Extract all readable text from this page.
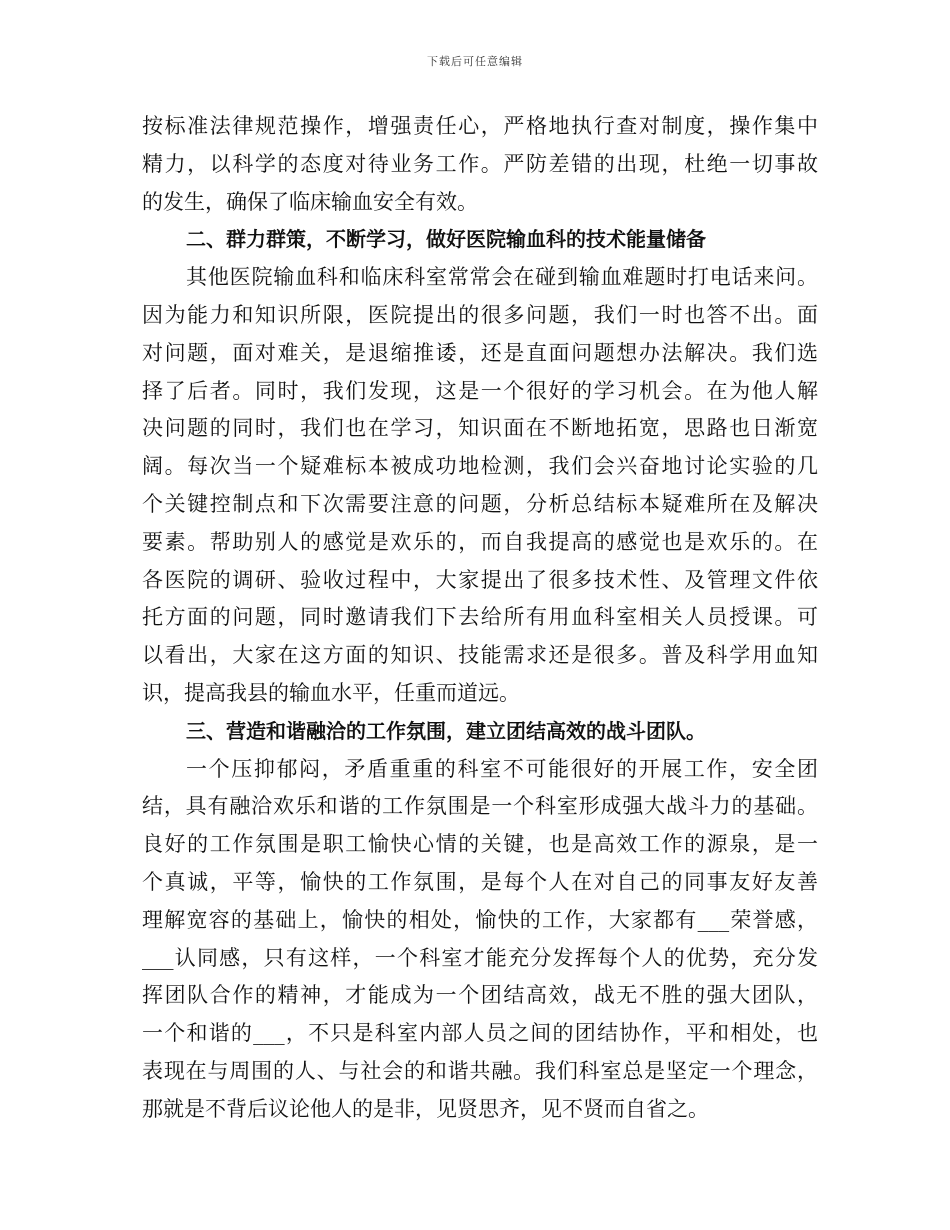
下载后可任意编辑
按标准法律规范操作，增强责任心，严格地执行查对制度，操作集中
精力，以科学的态度对待业务工作。严防差错的出现，杜绝一切事故
的发生，确保了临床输血安全有效。
二、群力群策，不断学习，做好医院输血科的技术能量储备
其他医院输血科和临床科室常常会在碰到输血难题时打电话来问。
因为能力和知识所限，医院提出的很多问题，我们一时也答不出。面
对问题，面对难关，是退缩推诿，还是直面问题想办法解决。我们选
择了后者。同时，我们发现，这是一个很好的学习机会。在为他人解
决问题的同时，我们也在学习，知识面在不断地拓宽，思路也日渐宽
阔。每次当一个疑难标本被成功地检测，我们会兴奋地讨论实验的几
个关键控制点和下次需要注意的问题，分析总结标本疑难所在及解决
要素。帮助别人的感觉是欢乐的，而自我提高的感觉也是欢乐的。在
各医院的调研、验收过程中，大家提出了很多技术性、及管理文件依
托方面的问题，同时邀请我们下去给所有用血科室相关人员授课。可
以看出，大家在这方面的知识、技能需求还是很多。普及科学用血知
识，提高我县的输血水平，任重而道远。
三、营造和谐融洽的工作氛围，建立团结高效的战斗团队。
一个压抑郁闷，矛盾重重的科室不可能很好的开展工作，安全团
结，具有融洽欢乐和谐的工作氛围是一个科室形成强大战斗力的基础。
良好的工作氛围是职工愉快心情的关键，也是高效工作的源泉，是一
个真诚，平等，愉快的工作氛围，是每个人在对自己的同事友好友善
理解宽容的基础上，愉快的相处，愉快的工作，大家都有___荣誉感，
___认同感，只有这样，一个科室才能充分发挥每个人的优势，充分发
挥团队合作的精神，才能成为一个团结高效，战无不胜的强大团队，
一个和谐的___，不只是科室内部人员之间的团结协作，平和相处，也
表现在与周围的人、与社会的和谐共融。我们科室总是坚定一个理念，
那就是不背后议论他人的是非，见贤思齐，见不贤而自省之。
